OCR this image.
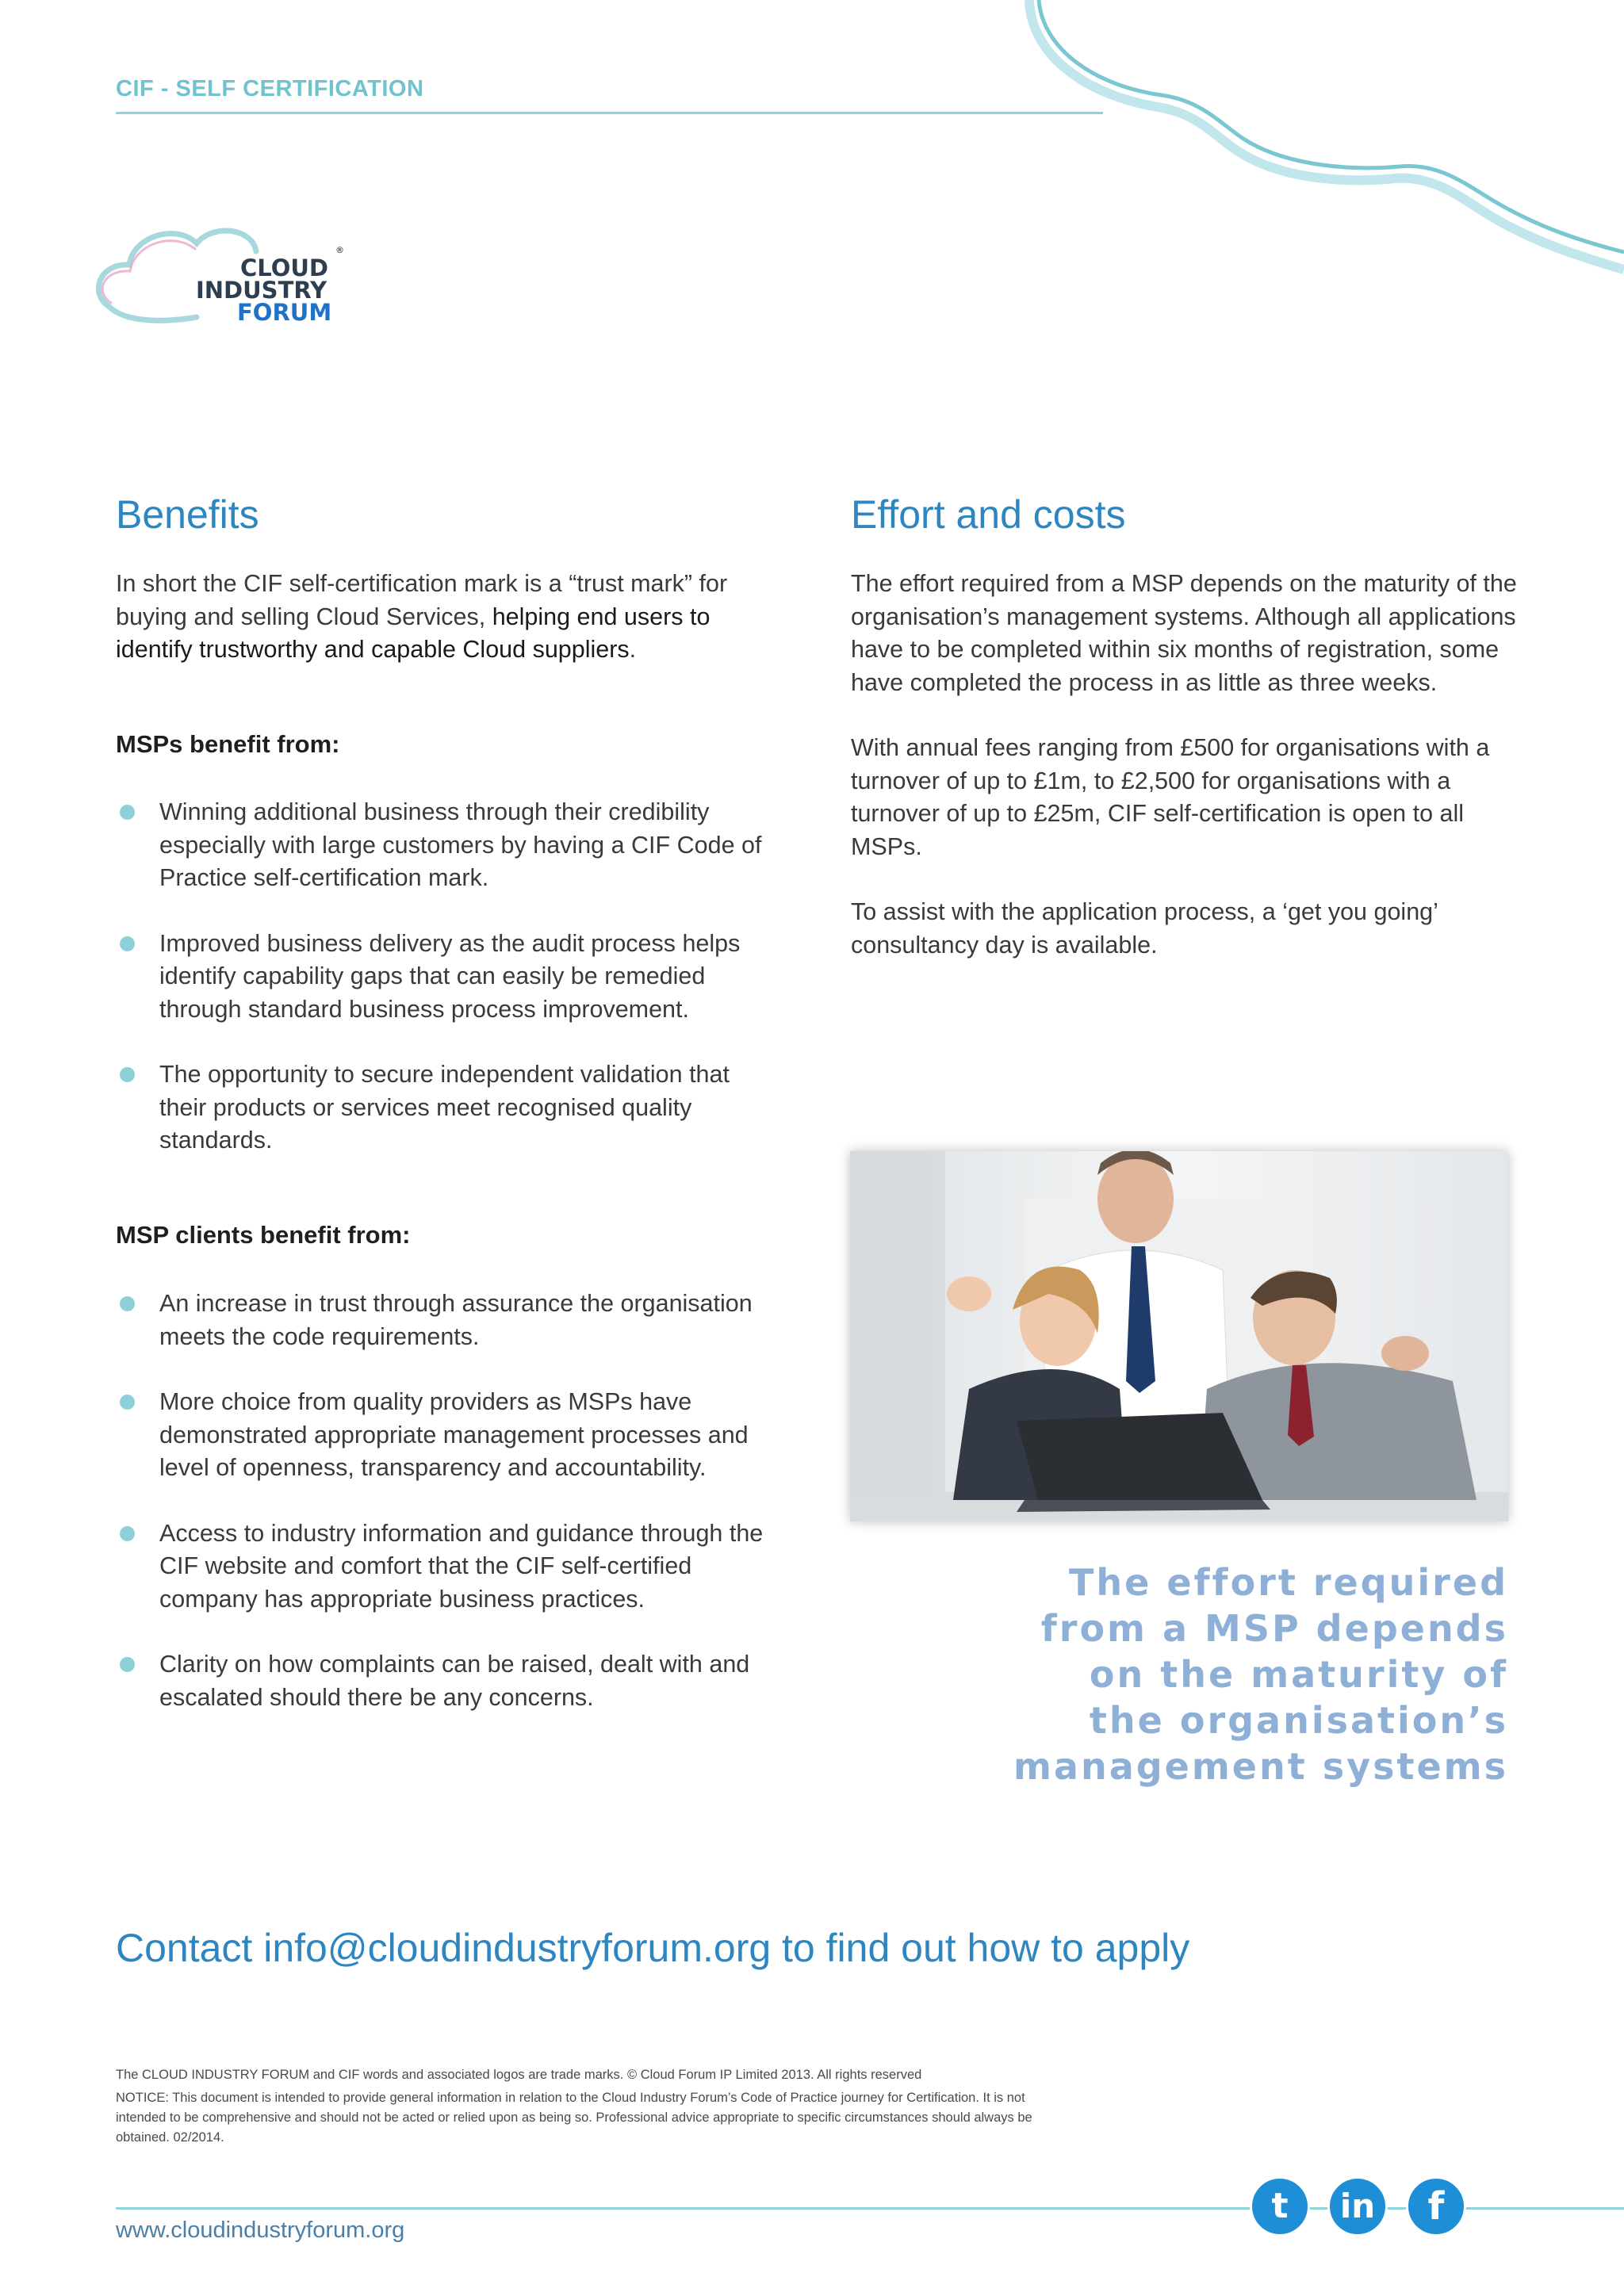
CIF - SELF CERTIFICATION
CLOUD
INDUSTRY
FORUM
®
Benefits
In short the CIF self-certification mark is a “trust mark” for buying and selling Cloud Services, helping end users to identify trustworthy and capable Cloud suppliers.
MSPs benefit from:
Winning additional business through their credibility especially with large customers by having a CIF Code of Practice self-certification mark.
Improved business delivery as the audit process helps identify capability gaps that can easily be remedied through standard business process improvement.
The opportunity to secure independent validation that their products or services meet recognised quality standards.
MSP clients benefit from:
An increase in trust through assurance the organisation meets the code requirements.
More choice from quality providers as MSPs have demonstrated appropriate management processes and level of openness, transparency and accountability.
Access to industry information and guidance through the CIF website and comfort that the CIF self-certified company has appropriate business practices.
Clarity on how complaints can be raised, dealt with and escalated should there be any concerns.
Effort and costs

The effort required from a MSP depends on the maturity of the organisation’s management systems. Although all applications have to be completed within six months of registration, some have completed the process in as little as three weeks.

With annual fees ranging from £500 for organisations with a turnover of up to £1m, to £2,500 for organisations with a turnover of up to £25m, CIF self-certification is open to all MSPs.

To assist with the application process, a ‘get you going’ consultancy day is available.

The effort required
from a MSP depends
on the maturity of
the organisation’s
management systems
Contact info@cloudindustryforum.org to find out how to apply
The CLOUD INDUSTRY FORUM and CIF words and associated logos are trade marks. © Cloud Forum IP Limited 2013. All rights reserved
NOTICE: This document is intended to provide general information in relation to the Cloud Industry Forum’s Code of Practice journey for Certification. It is not intended to be comprehensive and should not be acted or relied upon as being so. Professional advice appropriate to specific circumstances should always be obtained. 02/2014.
www.cloudindustryforum.org
t	in	f
